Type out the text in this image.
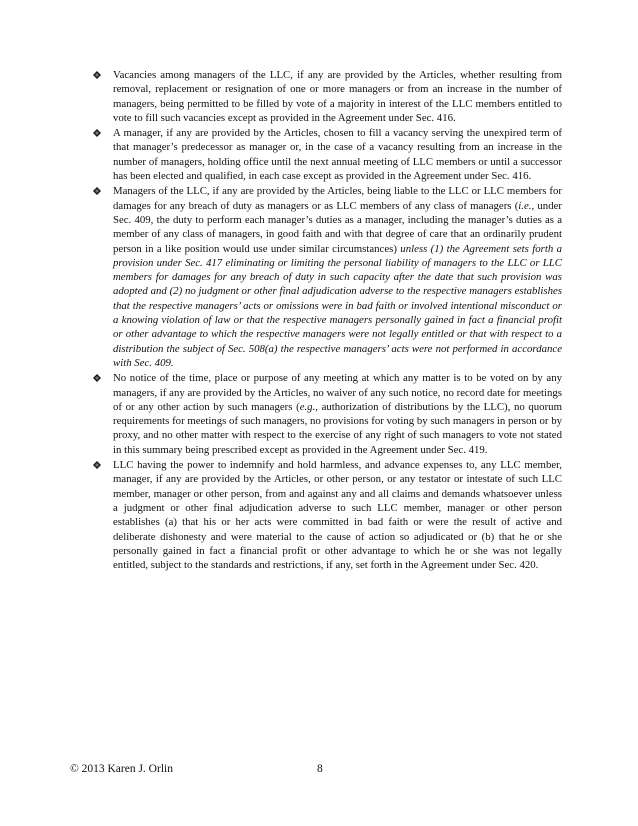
Vacancies among managers of the LLC, if any are provided by the Articles, whether resulting from removal, replacement or resignation of one or more managers or from an increase in the number of managers, being permitted to be filled by vote of a majority in interest of the LLC members entitled to vote to fill such vacancies except as provided in the Agreement under Sec. 416.
A manager, if any are provided by the Articles, chosen to fill a vacancy serving the unexpired term of that manager’s predecessor as manager or, in the case of a vacancy resulting from an increase in the number of managers, holding office until the next annual meeting of LLC members or until a successor has been elected and qualified, in each case except as provided in the Agreement under Sec. 416.
Managers of the LLC, if any are provided by the Articles, being liable to the LLC or LLC members for damages for any breach of duty as managers or as LLC members of any class of managers (i.e., under Sec. 409, the duty to perform each manager’s duties as a manager, including the manager’s duties as a member of any class of managers, in good faith and with that degree of care that an ordinarily prudent person in a like position would use under similar circumstances) unless (1) the Agreement sets forth a provision under Sec. 417 eliminating or limiting the personal liability of managers to the LLC or LLC members for damages for any breach of duty in such capacity after the date that such provision was adopted and (2) no judgment or other final adjudication adverse to the respective managers establishes that the respective managers’ acts or omissions were in bad faith or involved intentional misconduct or a knowing violation of law or that the respective managers personally gained in fact a financial profit or other advantage to which the respective managers were not legally entitled or that with respect to a distribution the subject of Sec. 508(a) the respective managers’ acts were not performed in accordance with Sec. 409.
No notice of the time, place or purpose of any meeting at which any matter is to be voted on by any managers, if any are provided by the Articles, no waiver of any such notice, no record date for meetings of or any other action by such managers (e.g., authorization of distributions by the LLC), no quorum requirements for meetings of such managers, no provisions for voting by such managers in person or by proxy, and no other matter with respect to the exercise of any right of such managers to vote not stated in this summary being prescribed except as provided in the Agreement under Sec. 419.
LLC having the power to indemnify and hold harmless, and advance expenses to, any LLC member, manager, if any are provided by the Articles, or other person, or any testator or intestate of such LLC member, manager or other person, from and against any and all claims and demands whatsoever unless a judgment or other final adjudication adverse to such LLC member, manager or other person establishes (a) that his or her acts were committed in bad faith or were the result of active and deliberate dishonesty and were material to the cause of action so adjudicated or (b) that he or she personally gained in fact a financial profit or other advantage to which he or she was not legally entitled, subject to the standards and restrictions, if any, set forth in the Agreement under Sec. 420.
© 2013 Karen J. Orlin	8
